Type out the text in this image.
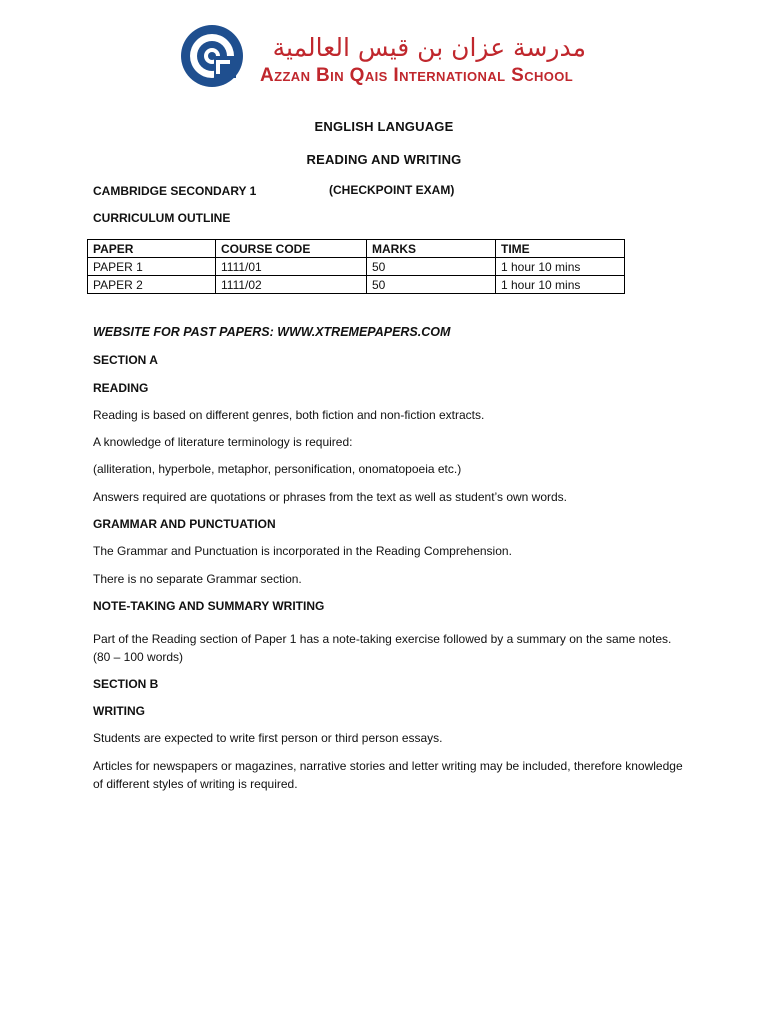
مدرسة عزان بن قيس العالمية
Azzan Bin Qais International School
ENGLISH LANGUAGE
READING AND WRITING
CAMBRIDGE SECONDARY 1	(CHECKPOINT EXAM)
CURRICULUM OUTLINE
PAPER	COURSE CODE	MARKS	TIME
PAPER 1	1111/01	50	1 hour 10 mins
PAPER 2	1111/02	50	1 hour 10 mins
WEBSITE FOR PAST PAPERS: WWW.XTREMEPAPERS.COM
SECTION A
READING
Reading is based on different genres, both fiction and non-fiction extracts.
A knowledge of literature terminology is required:
(alliteration, hyperbole, metaphor, personification, onomatopoeia etc.)
Answers required are quotations or phrases from the text as well as student’s own words.
GRAMMAR AND PUNCTUATION
The Grammar and Punctuation is incorporated in the Reading Comprehension.
There is no separate Grammar section.
NOTE-TAKING AND SUMMARY WRITING
Part of the Reading section of Paper 1 has a note-taking exercise followed by a summary on the same notes. (80 – 100 words)
SECTION B
WRITING
Students are expected to write first person or third person essays.
Articles for newspapers or magazines, narrative stories and letter writing may be included, therefore knowledge of different styles of writing is required.
